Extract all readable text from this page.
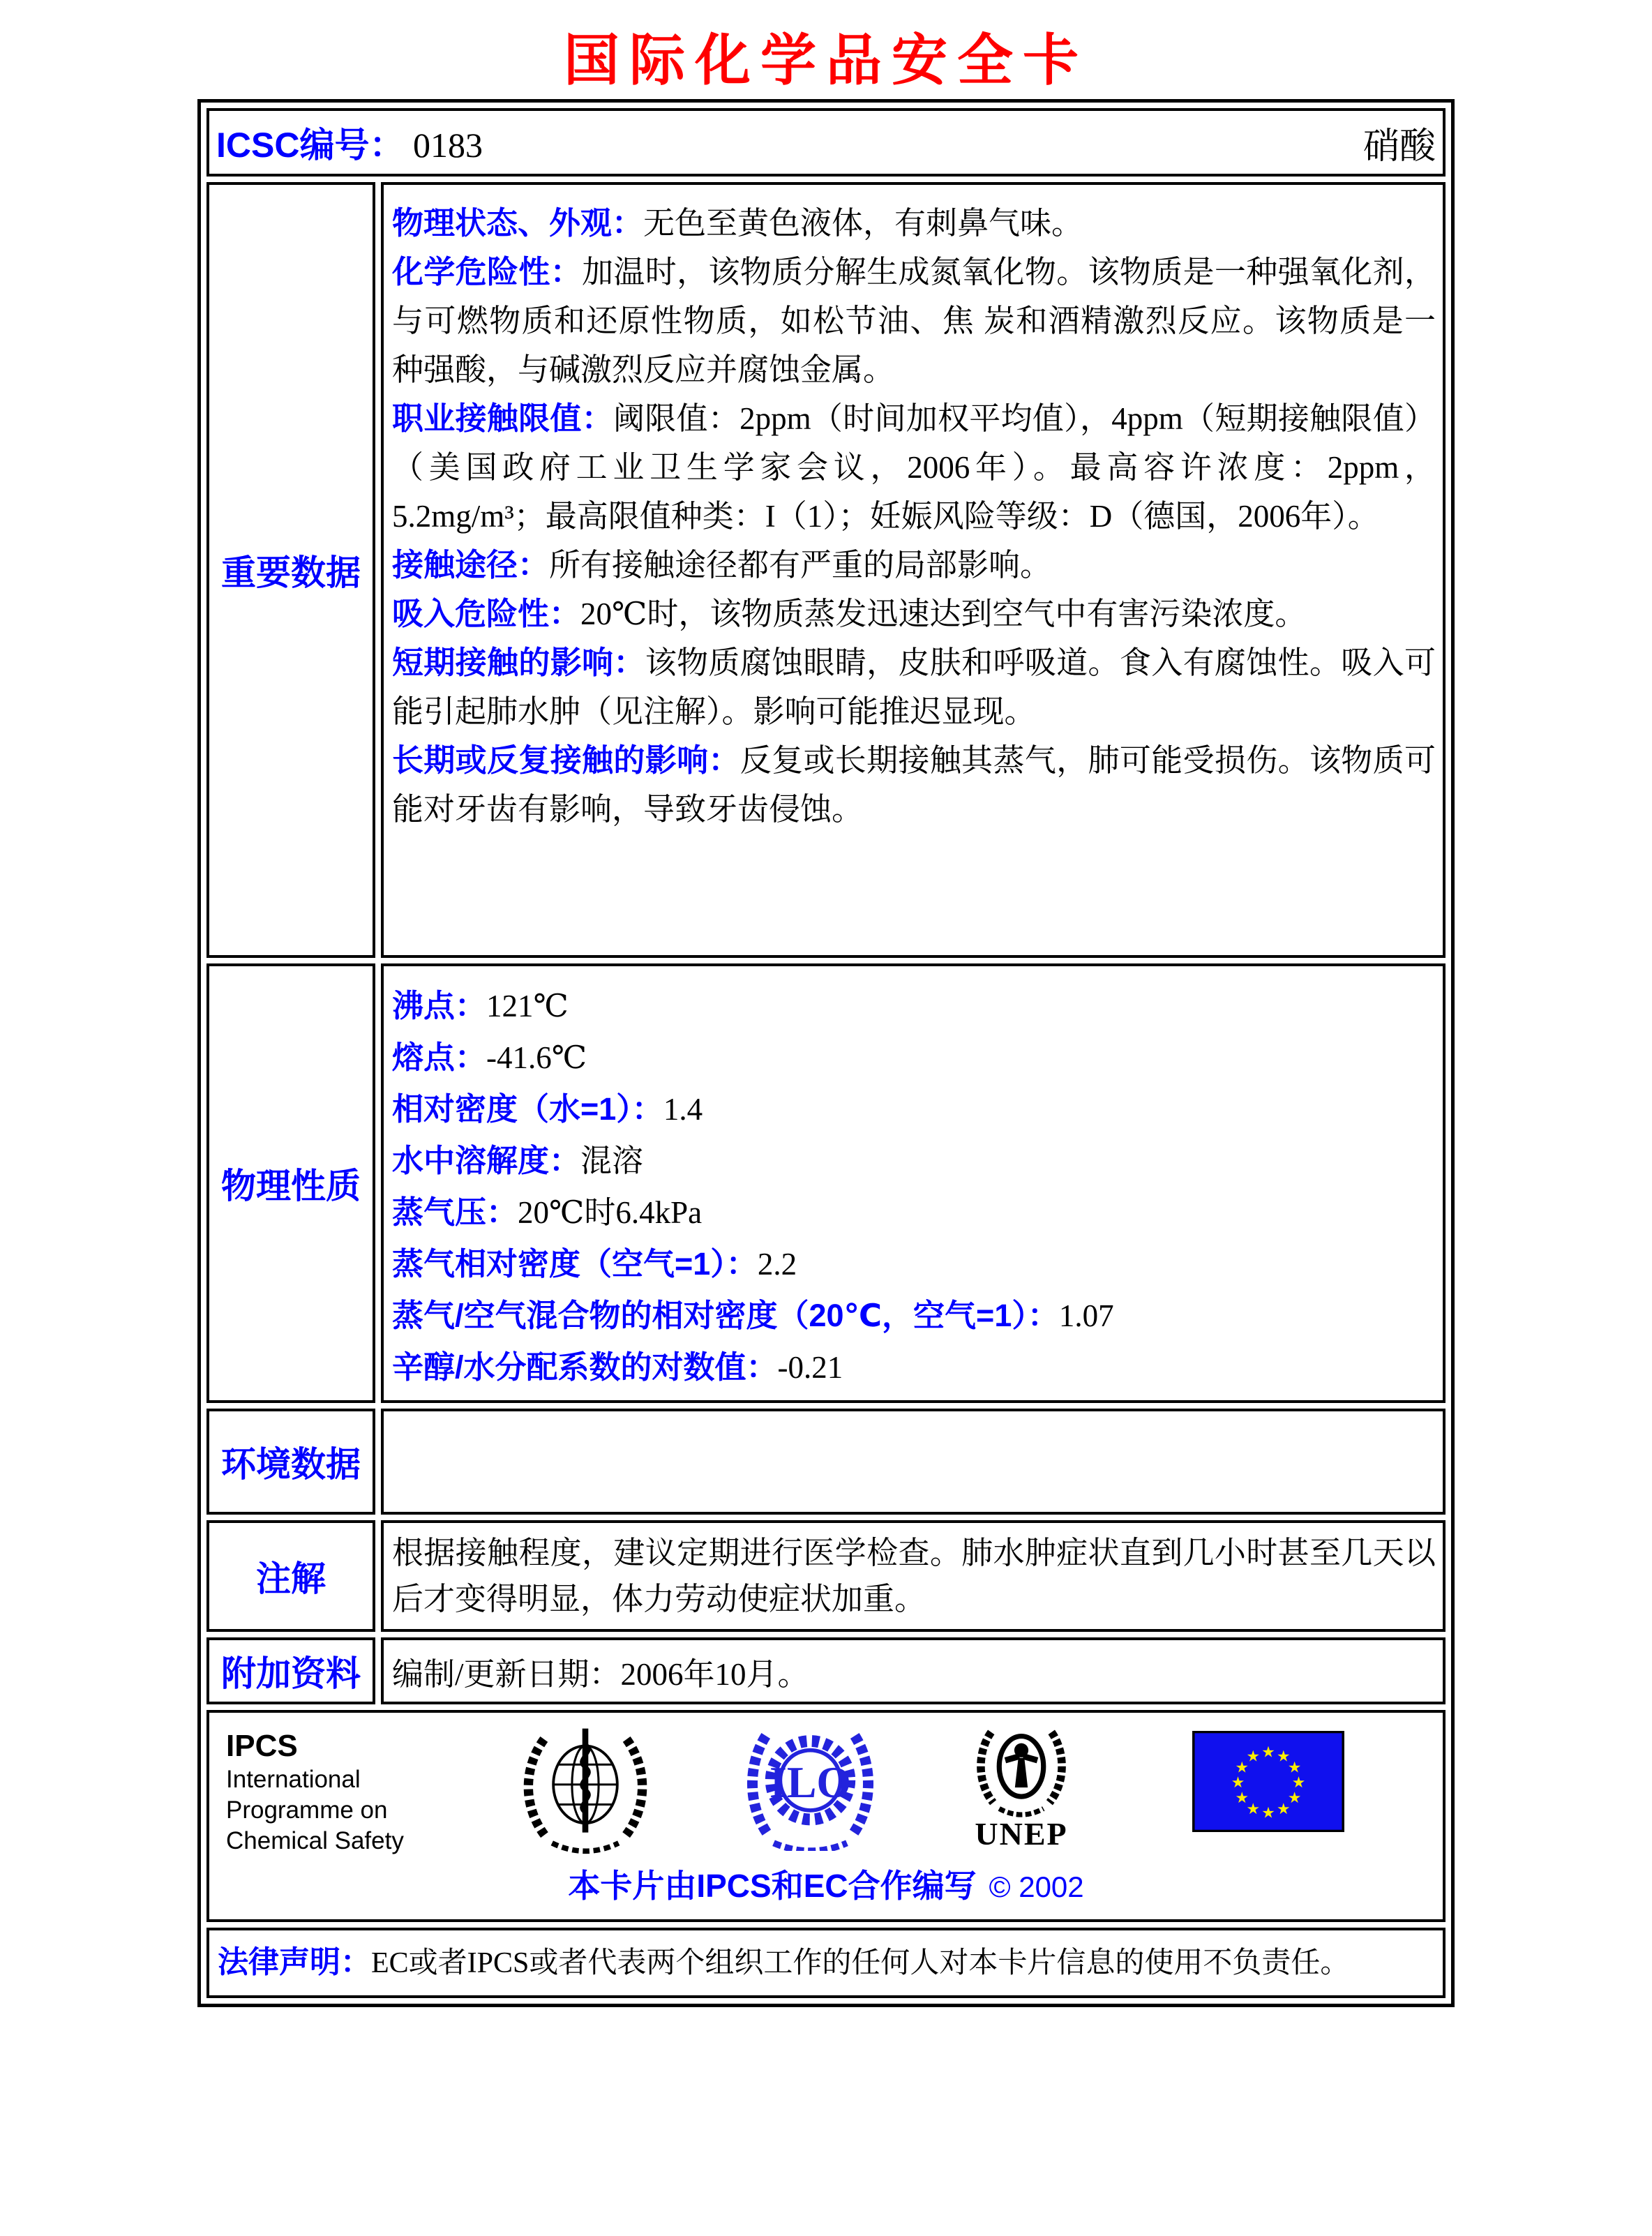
国际化学品安全卡
ICSC编号： 0183	硝酸
重要数据

物理状态、外观：无色至黄色液体，有刺鼻气味。

化学危险性：加温时，该物质分解生成氮氧化物。该物质是一种强氧化剂，与可燃物质和还原性物质，如松节油、焦 炭和酒精激烈反应。该物质是一种强酸，与碱激烈反应并腐蚀金属。

职业接触限值：阈限值：2ppm（时间加权平均值），4ppm（短期接触限值）（美国政府工业卫生学家会议，2006年）。最高容许浓度：2ppm，5.2mg/m³；最高限值种类：I（1）；妊娠风险等级：D（德国，2006年）。

接触途径：所有接触途径都有严重的局部影响。

吸入危险性：20℃时，该物质蒸发迅速达到空气中有害污染浓度。

短期接触的影响：该物质腐蚀眼睛，皮肤和呼吸道。食入有腐蚀性。吸入可能引起肺水肿（见注解）。影响可能推迟显现。

长期或反复接触的影响：反复或长期接触其蒸气，肺可能受损伤。该物质可能对牙齿有影响，导致牙齿侵蚀。

物理性质

沸点：121℃

熔点：-41.6℃

相对密度（水=1）：1.4

水中溶解度：混溶

蒸气压：20℃时6.4kPa

蒸气相对密度（空气=1）：2.2

蒸气/空气混合物的相对密度（20℃，空气=1）：1.07

辛醇/水分配系数的对数值：-0.21

环境数据

注解

根据接触程度，建议定期进行医学检查。肺水肿症状直到几小时甚至几天以后才变得明显，体力劳动使症状加重。

附加资料 编制/更新日期：2006年10月。

IPCS
International
Programme on
Chemical Safety
ILO
UNEP
★ ★
★
★
★
★
★
★
★
★
★
★
本卡片由IPCS和EC合作编写 © 2002
法律声明：EC或者IPCS或者代表两个组织工作的任何人对本卡片信息的使用不负责任。
